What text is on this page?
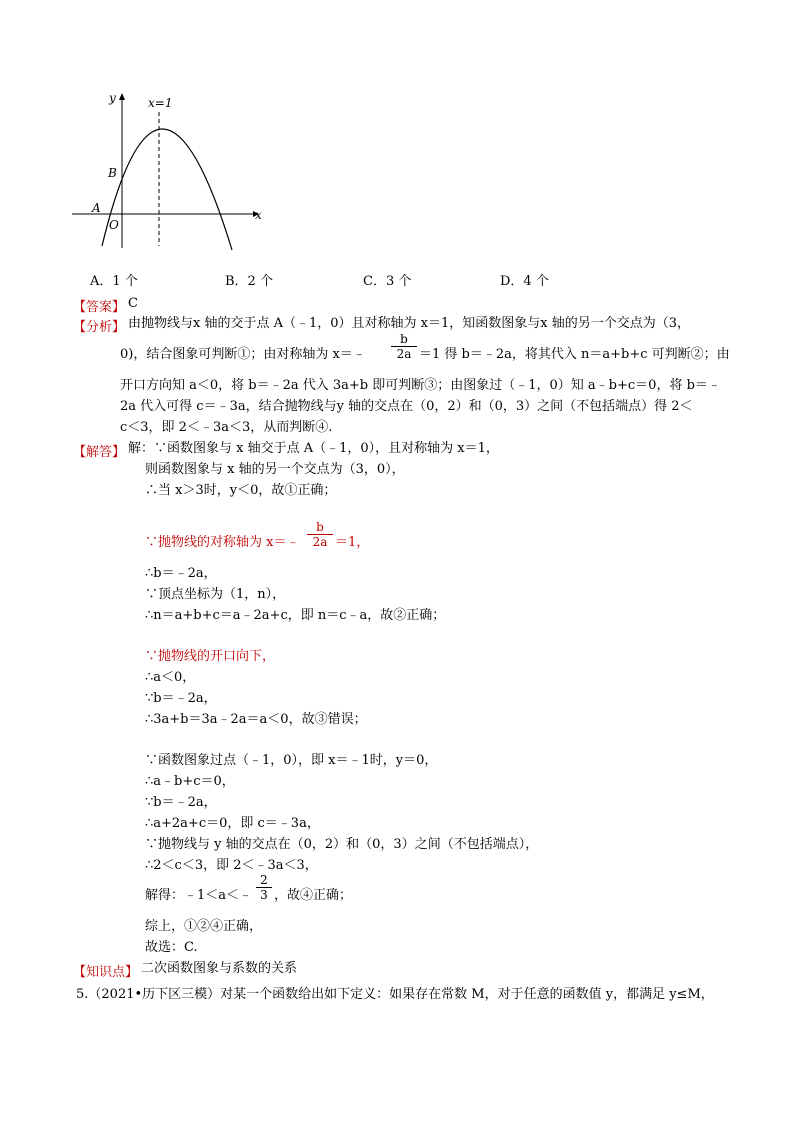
y
x
x=1
B
A
O
A．1 个	B．2 个	C．3 个	D．4 个
【答案】 C
【分析】 由抛物线与x 轴的交于点 A（﹣1，0）且对称轴为 x＝1，知函数图象与x 轴的另一个交点为（3，
0)，结合图象可判断①；由对称轴为 x＝﹣ $\frac{b}{2a} =1$ 得 b＝﹣2a，将其代入 n＝a+b+c 可判断②；由
开口方向知 a＜0，将 b＝﹣2a 代入 3a+b 即可判断③；由图象过（﹣1，0）知 a﹣b+c＝0，将 b＝﹣
2a 代入可得 c＝﹣3a，结合抛物线与y 轴的交点在（0，2）和（0，3）之间（不包括端点）得 2＜
c＜3，即 2＜﹣3a＜3，从而判断④.
【解答】 解：∵函数图象与 x 轴交于点 A（﹣1，0），且对称轴为 x＝1，
则函数图象与 x 轴的另一个交点为（3，0），
∴当 x＞3时，y＜0，故①正确；
∵抛物线的对称轴为 x＝﹣ $\frac{b}{2a} =1$，
∴b＝﹣2a，
∵顶点坐标为（1，n），
∴n＝a+b+c＝a﹣2a+c，即 n＝c﹣a，故②正确；
∵抛物线的开口向下，
∴a＜0，
∵b＝﹣2a，
∴3a+b＝3a﹣2a＝a＜0，故③错误；
∵函数图象过点（﹣1，0），即 x＝﹣1时，y＝0，
∴a﹣b+c＝0，
∵b＝﹣2a，
∴a+2a+c＝0，即 c＝﹣3a，
∵抛物线与 y 轴的交点在（0，2）和（0，3）之间（不包括端点），
∴2＜c＜3，即 2＜﹣3a＜3，
解得：﹣1＜a＜﹣ $\frac{2}{3}$ ，故④正确；
综上，①②④正确，
故选：C.
【知识点】 二次函数图象与系数的关系
5.（2021•历下区三模）对某一个函数给出如下定义：如果存在常数 M，对于任意的函数值 y，都满足 y≤M，
